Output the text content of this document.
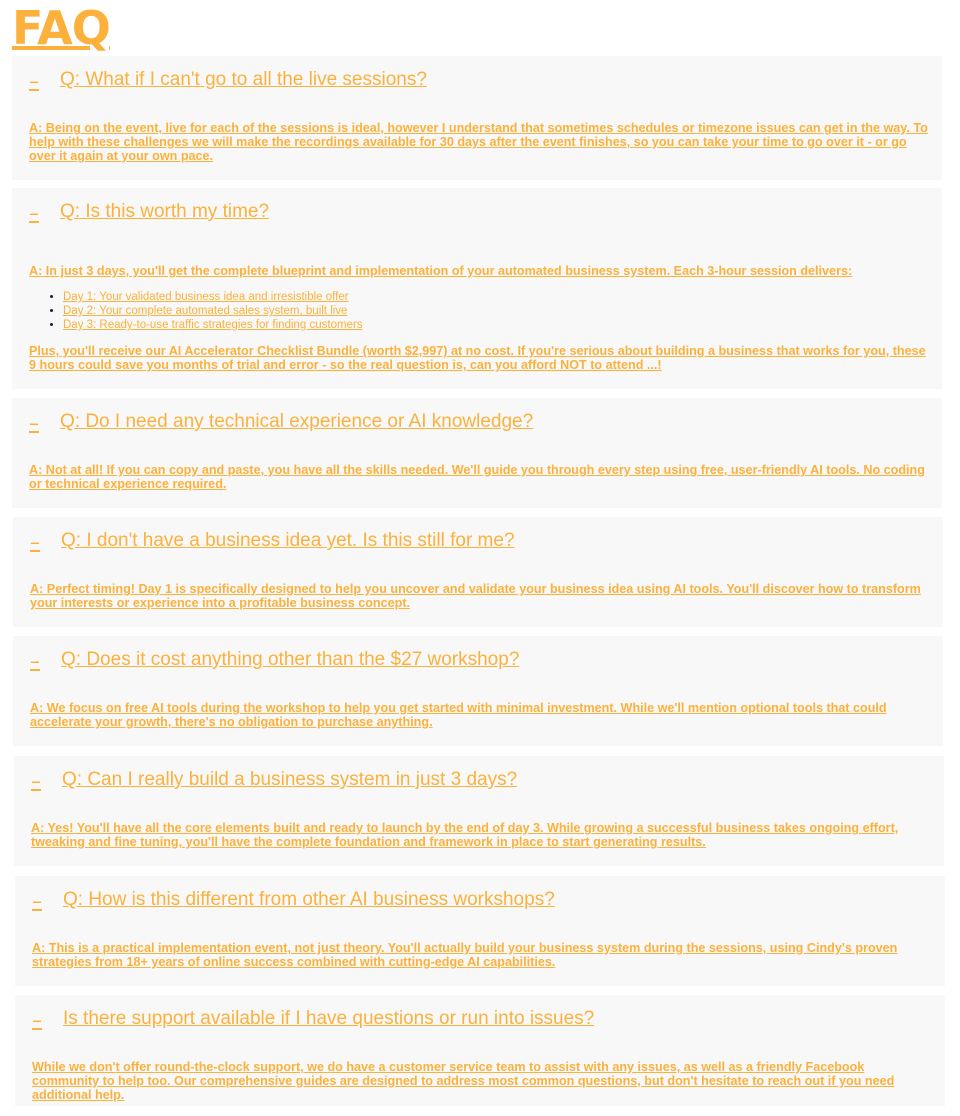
FAQ
– Q: What if I can't go to all the live sessions?

A: Being on the event, live for each of the sessions is ideal, however I understand that sometimes schedules or timezone issues can get in the way. To help with these challenges we will make the recordings available for 30 days after the event finishes, so you can take your time to go over it - or go over it again at your own pace.

– Q: Is this worth my time?

A: In just 3 days, you'll get the complete blueprint and implementation of your automated business system. Each 3-hour session delivers:

• Day 1: Your validated business idea and irresistible offer
• Day 2: Your complete automated sales system, built live
• Day 3: Ready-to-use traffic strategies for finding customers

Plus, you'll receive our AI Accelerator Checklist Bundle (worth $2,997) at no cost. If you're serious about building a business that works for you, these 9 hours could save you months of trial and error - so the real question is, can you afford NOT to attend ...!

– Q: Do I need any technical experience or AI knowledge?

A: Not at all! If you can copy and paste, you have all the skills needed. We'll guide you through every step using free, user-friendly AI tools. No coding or technical experience required.

– Q: I don't have a business idea yet. Is this still for me?

A: Perfect timing! Day 1 is specifically designed to help you uncover and validate your business idea using AI tools. You'll discover how to transform your interests or experience into a profitable business concept.

– Q: Does it cost anything other than the $27 workshop?

A: We focus on free AI tools during the workshop to help you get started with minimal investment. While we'll mention optional tools that could accelerate your growth, there's no obligation to purchase anything.

– Q: Can I really build a business system in just 3 days?

A: Yes! You'll have all the core elements built and ready to launch by the end of day 3. While growing a successful business takes ongoing effort, tweaking and fine tuning, you'll have the complete foundation and framework in place to start generating results.

– Q: How is this different from other AI business workshops?

A: This is a practical implementation event, not just theory. You'll actually build your business system during the sessions, using Cindy's proven strategies from 18+ years of online success combined with cutting-edge AI capabilities.

– Is there support available if I have questions or run into issues?

While we don't offer round-the-clock support, we do have a customer service team to assist with any issues, as well as a friendly Facebook community to help too. Our comprehensive guides are designed to address most common questions, but don't hesitate to reach out if you need additional help.
